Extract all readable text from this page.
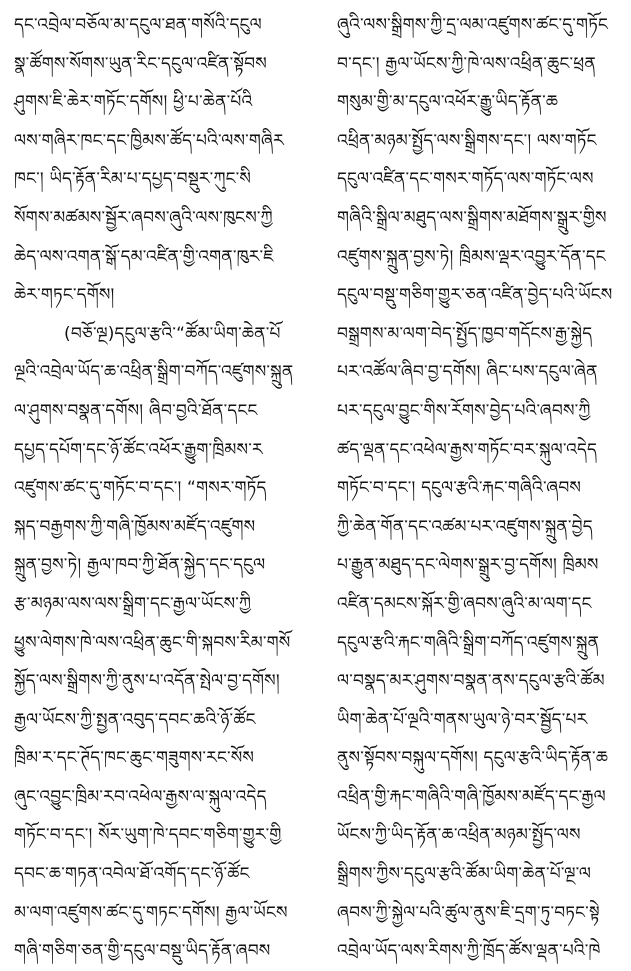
དང་འབྲེལ་བཅོལ་མ་དངུལ་ཐན་གསོའི་དངུལ
སྣ་ཚོགས་སོགས་ཡུན་རིང་དངུལ་འཛིན་སྟོབས
ཤུགས་ཇི་ཆེར་གཏོང་དགོས། ཕྱི་པ་ཆེན་པོའི
ལས་གཞིར་ཁང་དང་ཁྱིམས་ཚོད་པའི་ལས་གཞིར
ཁང་། ཡིད་རྟོན་རིམ་པ་དཔྱད་བསྡུར་ཀུང་སི
སོགས་མཚམས་སྦྱོར་ཞབས་ཞུའི་ལས་ཁུངས་ཀྱི
ཆེད་ལས་འགན་སྒོ་དམ་འཛིན་གྱི་འགན་ཁུར་ཇི
ཆེར་གཏང་དགོས།
(བཅོ་ལྔ)དངུལ་རྩའི་“ཚོམ་ཡིག་ཆེན་པོ
ལྔའི་འབྲེལ་ཡོད་ཆ་འཕྲིན་སྒྲིག་བཀོད་འཛུགས་སྐྲུན
ལ་ཤུགས་བསྣན་དགོས། ཞིབ་བྱའི་ཐོན་དངང
དཔྱད་དཔོག་དང་ཉོ་ཚོང་འཕོར་རྒྱུག་ཁྲིམས་ར
འཛུགས་ཚང་དུ་གཏོང་བ་དང་། “གསར་གཏོད
སྐད་བརྒྱགས་ཀྱི་གཞི་ཁྱོམས་མཛོད་འཛུགས
སྐྲུན་བྱས་ཏེ། རྒྱལ་ཁབ་ཀྱི་ཐོན་སྐྱེད་དང་དངུལ
རྩ་མཉམ་ལས་ལས་སྒྲིག་དང་རྒྱལ་ཡོངས་ཀྱི
ཕྱུས་ལེགས་ཁེ་ལས་འཕྲིན་ཆུང་གི་སྐབས་རིམ་གསོ
སྐྱོད་ལས་སྒྲིགས་ཀྱི་ནུས་པ་འདོན་སྤེལ་བྱ་དགོས།
རྒྱལ་ཡོངས་ཀྱི་སྤྱན་འབུད་དབང་ཆའི་ཉོ་ཚོང
ཁྲིམ་ར་དང་ཊོད་ཁང་ཆུང་གཟུགས་རང་སོས
ཞུང་འབྱུང་ཁྲིམ་རབ་འཕེལ་རྒྱས་ལ་སྐུལ་འདེད
གཏོང་བ་དང་། སོར་ཡུག་ཁེ་དབང་གཅིག་གྱུར་གྱི
དབང་ཆ་གཏན་འབེལ་ཐོ་འགོད་དང་ཉོ་ཚོང
མ་ལག་འཛུགས་ཚང་དུ་གཏང་དགོས། རྒྱལ་ཡོངས
གཞི་གཅིག་ཅན་གྱི་དངུལ་བསྡུ་ཡིད་རྟོན་ཞབས
ཞུའི་ལས་སྒྲིགས་ཀྱི་དྲ་ལམ་འཛུགས་ཚང་དུ་གཏོང
བ་དང་། རྒྱལ་ཡོངས་ཀྱི་ཁེ་ལས་འཕྲིན་ཆུང་ཕྲན
གསུམ་གྱི་མ་དངུལ་འཕོར་རྒྱུ་ཡིད་རྟོན་ཆ
འཕྲིན་མཉམ་སྤྱོད་ལས་སྒྲིགས་དང་། ལས་གཏོང
དངུལ་འཛིན་དང་གསར་གཏོད་ལས་གཏོང་ལས
གཞིའི་སྒྲིལ་མཐུད་ལས་སྒྲིགས་མཐོགས་སྒྲུར་གྱིས
འཛུགས་སྐྲུན་བྱས་ཏེ། ཁྲིམས་ལྡར་འབྱུར་དོན་དང
དངུལ་བསྡུ་གཅིག་གྱུར་ཅན་འཛིན་བྱེད་པའི་ཡོངས
བསྒྲགས་མ་ལག་བེད་སྤྱོད་ཁྱབ་གདོངས་རྒྱ་སྐྱེད
པར་འཚོལ་ཞིབ་བྱ་དགོས། ཞིང་པས་དངུལ་ཞེན
པར་དངུལ་བྱུང་གིས་རོགས་བྱེད་པའི་ཞབས་ཀྱི
ཚད་ལྡན་དང་འཕེལ་རྒྱས་གཏོང་བར་སྐུལ་འདེད
གཏོང་བ་དང་། དངུལ་རྩའི་རྐང་གཞིའི་ཞབས
ཀྱི་ཆེན་གོན་དང་འཚམ་པར་འཛུགས་སྐྲུན་བྱེད
པ་རྒྱུན་མཐུད་དང་ལེགས་སྒྲུར་བྱ་དགོས། ཁྲིམས
འཛིན་དམངས་སྐོར་གྱི་ཞབས་ཞུའི་མ་ལག་དང
དངུལ་རྩའི་རྐང་གཞིའི་སྒྲིག་བཀོད་འཛུགས་སྐྲུན
ལ་བསྣད་མར་ཤུགས་བསྣན་ནས་དངུལ་རྩའི་ཚོམ
ཡིག་ཆེན་པོ་ལྔའི་གནས་ཡུལ་ཉེ་བར་སྦྱོད་པར
ནུས་སྟོབས་བསྐུལ་དགོས། དངུལ་རྩའི་ཡིད་རྟོན་ཆ
འཕྲིན་གྱི་རྐང་གཞིའི་གཞི་ཁྱོམས་མཛོད་དང་རྒྱལ
ཡོངས་ཀྱི་ཡིད་རྟོན་ཆ་འཕྲིན་མཉམ་སྤྱོད་ལས
སྒྲིགས་ཀྱིས་དངུལ་རྩའི་ཚོམ་ཡིག་ཆེན་པོ་ལྔ་ལ
ཞབས་ཀྱི་སྐྱེལ་པའི་ཚུལ་ནུས་ཇི་དྲག་ཏུ་བཏང་སྟེ
འབྲེལ་ཡོད་ལས་རིགས་ཀྱི་ཁྲོད་ཚོས་ལྡན་པའི་ཁེ
